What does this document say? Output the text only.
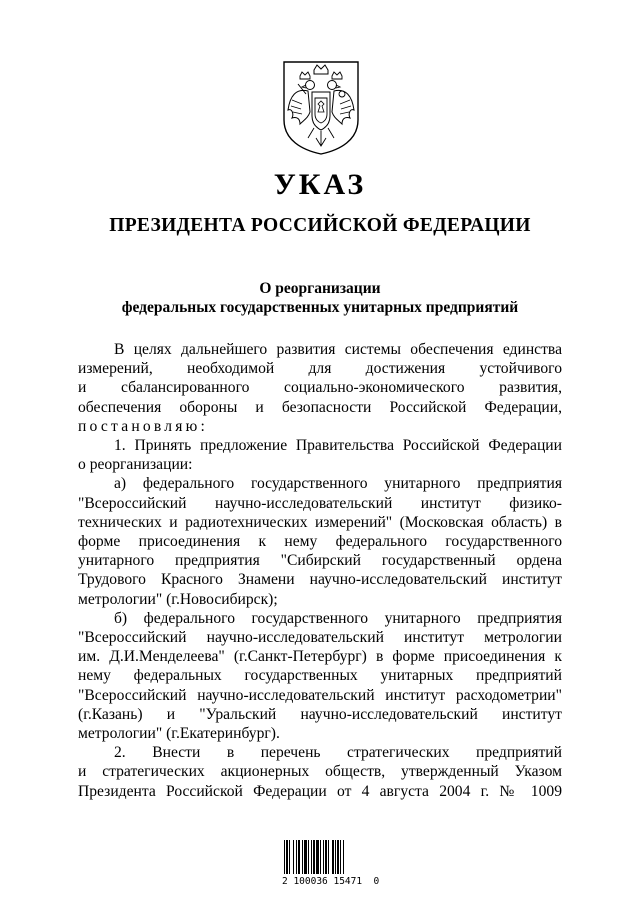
УКАЗ
ПРЕЗИДЕНТА РОССИЙСКОЙ ФЕДЕРАЦИИ
О реорганизации
федеральных государственных унитарных предприятий

В целях дальнейшего развития системы обеспечения единства

измерений, необходимой для достижения устойчивого

и сбалансированного социально-экономического развития,

обеспечения обороны и безопасности Российской Федерации,

постановляю:

1. Принять предложение Правительства Российской Федерации

о реорганизации:

а) федерального государственного унитарного предприятия

"Всероссийский научно-исследовательский институт физико-

технических и радиотехнических измерений" (Московская область) в

форме присоединения к нему федерального государственного

унитарного предприятия "Сибирский государственный ордена

Трудового Красного Знамени научно-исследовательский институт

метрологии" (г.Новосибирск);

б) федерального государственного унитарного предприятия

"Всероссийский научно-исследовательский институт метрологии

им. Д.И.Менделеева" (г.Санкт-Петербург) в форме присоединения к

нему федеральных государственных унитарных предприятий

"Всероссийский научно-исследовательский институт расходометрии"

(г.Казань) и "Уральский научно-исследовательский институт

метрологии" (г.Екатеринбург).

2. Внести в перечень стратегических предприятий

и стратегических акционерных обществ, утвержденный Указом

Президента Российской Федерации от 4 августа 2004 г. № 1009

2 100036 15471  0
